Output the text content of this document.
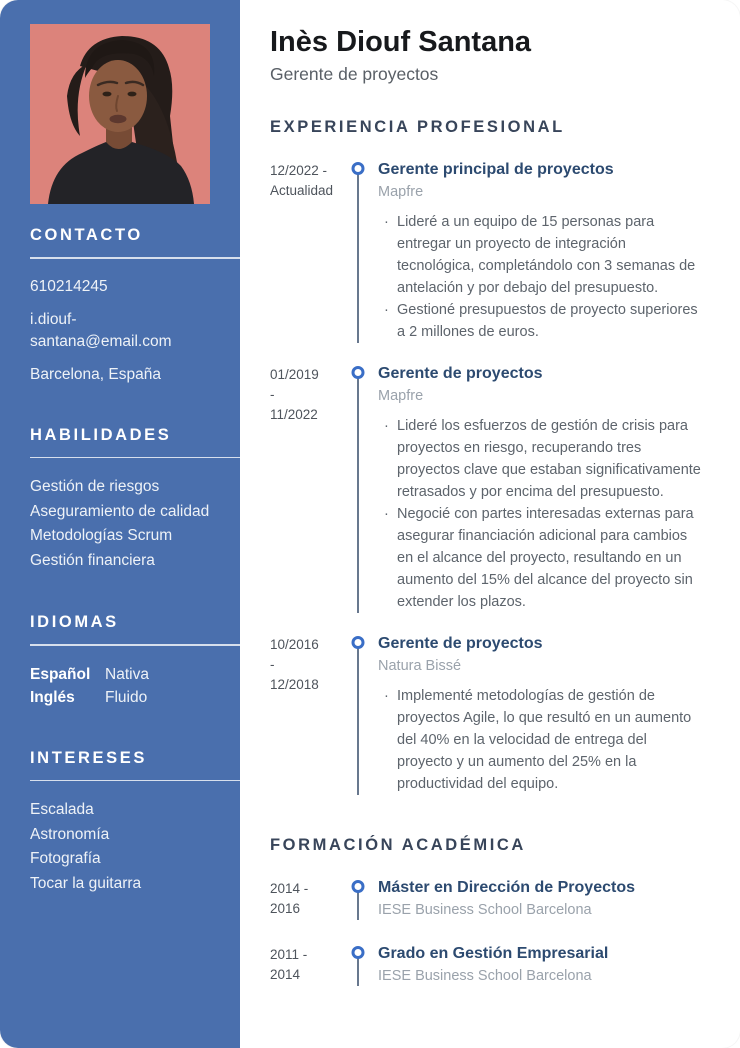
CONTACTO
610214245
i.diouf-santana@email.com
Barcelona, España
HABILIDADES
Gestión de riesgos
Aseguramiento de calidad
Metodologías Scrum
Gestión financiera
IDIOMAS
Español Nativa
Inglés	Fluido
INTERESES
Escalada
Astronomía
Fotografía
Tocar la guitarra
Inès Diouf Santana

Gerente de proyectos

EXPERIENCIA PROFESIONAL
12/2022 -
Actualidad
Gerente principal de proyectos
Mapfre
· Lideré a un equipo de 15 personas para entregar un proyecto de integración tecnológica, completándolo con 3 semanas de antelación y por debajo del presupuesto.
· Gestioné presupuestos de proyecto superiores a 2 millones de euros.
01/2019
-
11/2022
Gerente de proyectos
Mapfre
· Lideré los esfuerzos de gestión de crisis para proyectos en riesgo, recuperando tres proyectos clave que estaban significativamente retrasados y por encima del presupuesto.
· Negocié con partes interesadas externas para asegurar financiación adicional para cambios en el alcance del proyecto, resultando en un aumento del 15% del alcance del proyecto sin extender los plazos.
10/2016
-
12/2018
Gerente de proyectos
Natura Bissé
· Implementé metodologías de gestión de proyectos Agile, lo que resultó en un aumento del 40% en la velocidad de entrega del proyecto y un aumento del 25% en la productividad del equipo.
FORMACIÓN ACADÉMICA
2014 -
2016
Máster en Dirección de Proyectos
IESE Business School Barcelona
2011 -
2014
Grado en Gestión Empresarial
IESE Business School Barcelona
